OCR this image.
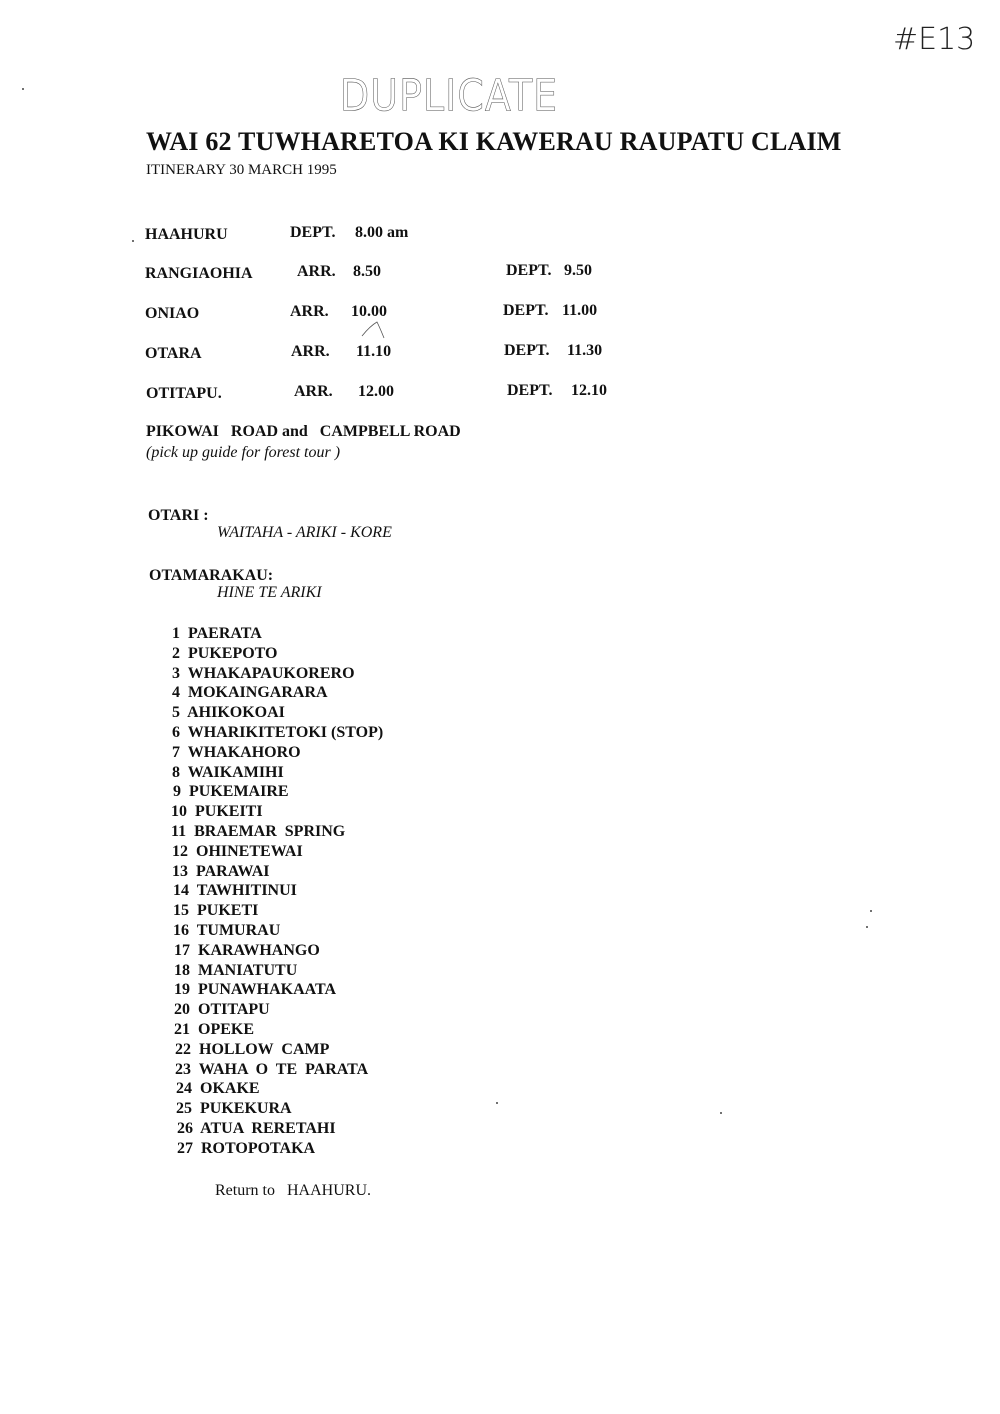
DUPLICATE
#E13
WAI 62 TUWHARETOA KI KAWERAU RAUPATU CLAIM
ITINERARY 30 MARCH 1995
HAAHURU	DEPT. 8.00 am
RANGIAOHIA	ARR. 8.50	DEPT. 9.50
ONIAO	ARR. 10.00	DEPT. 11.00
OTARA	ARR. 11.10	DEPT. 11.30
OTITAPU.	ARR. 12.00	DEPT. 12.10
PIKOWAI   ROAD and   CAMPBELL ROAD
(pick up guide for forest tour )
OTARI :
WAITAHA - ARIKI - KORE
OTAMARAKAU:
HINE TE ARIKI
1  PAERATA
2  PUKEPOTO
3  WHAKAPAUKORERO
4  MOKAINGARARA
5  AHIKOKOAI
6  WHARIKITETOKI (STOP)
7  WHAKAHORO
8  WAIKAMIHI
9  PUKEMAIRE
10  PUKEITI
11  BRAEMAR  SPRING
12  OHINETEWAI
13  PARAWAI
14  TAWHITINUI
15  PUKETI
16  TUMURAU
17  KARAWHANGO
18  MANIATUTU
19  PUNAWHAKAATA
20  OTITAPU
21  OPEKE
22  HOLLOW  CAMP
23  WAHA  O  TE  PARATA
24  OKAKE
25  PUKEKURA
26  ATUA  RERETAHI
27  ROTOPOTAKA
Return to   HAAHURU.
